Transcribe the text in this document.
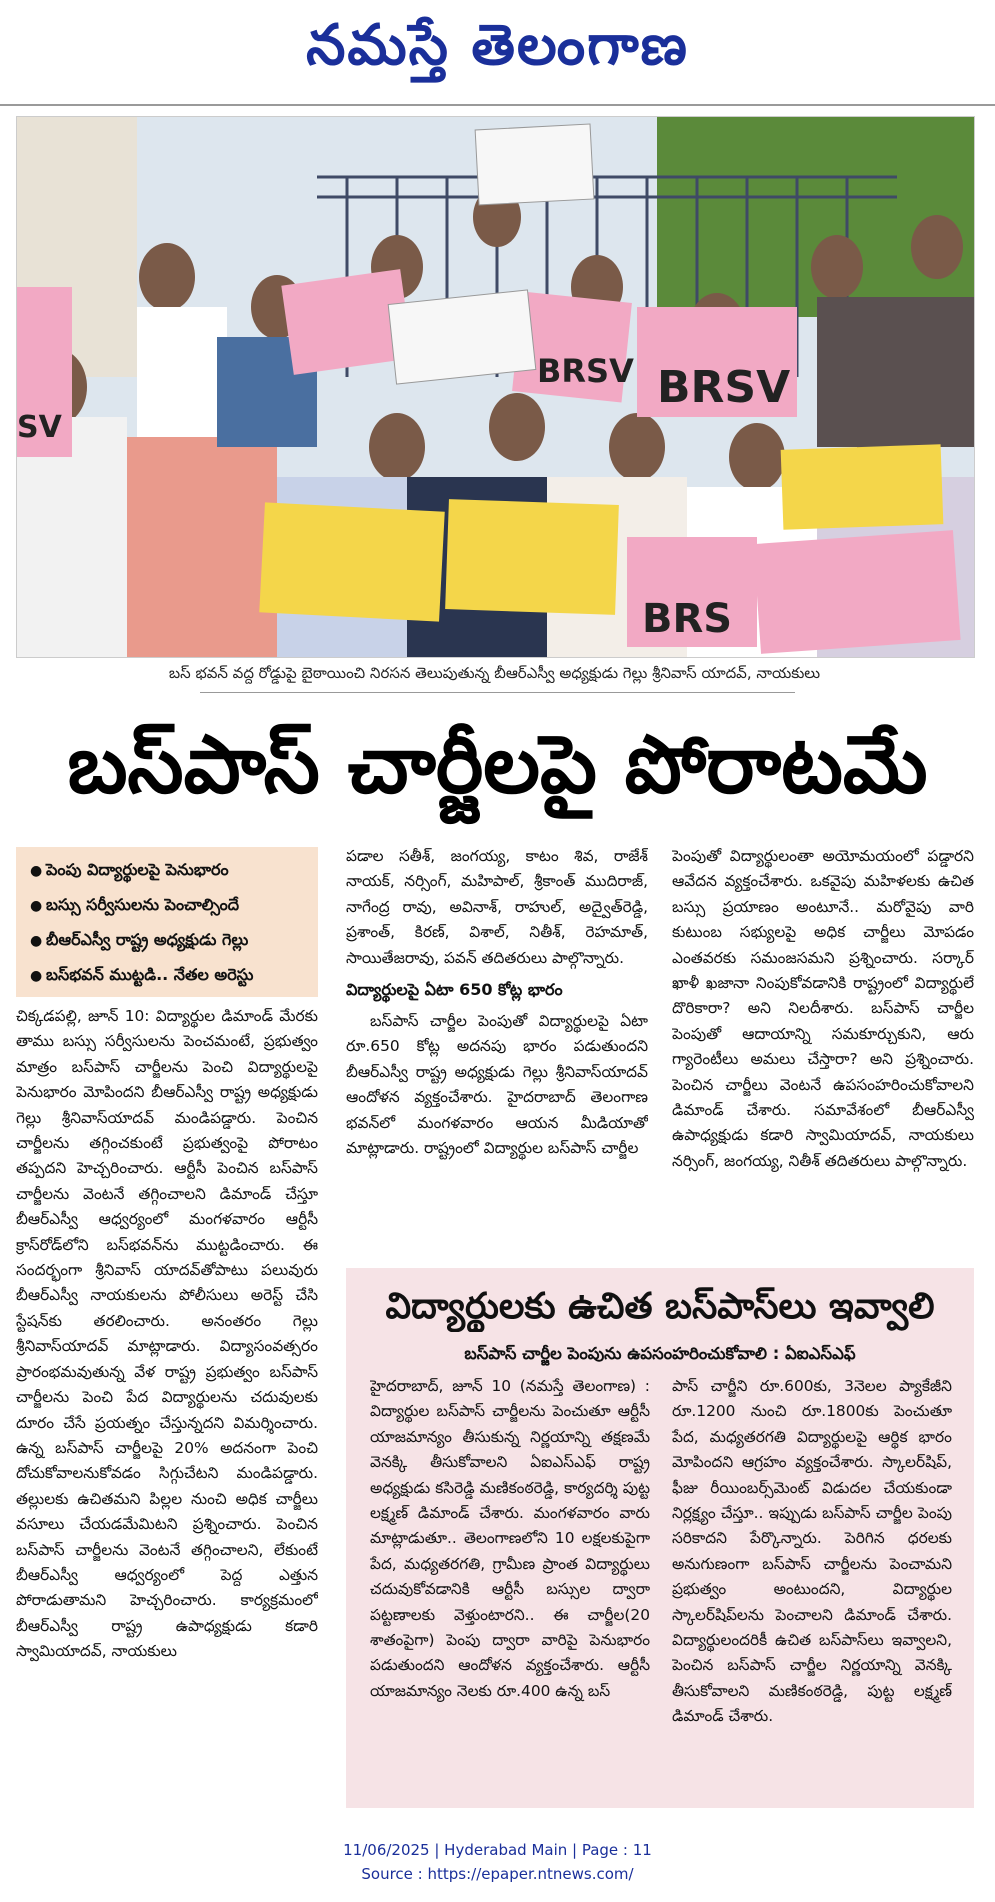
నమస్తే తెలంగాణ
SV
BRSV BRSV
BRS
బస్ భవన్ వద్ద రోడ్డుపై బైఠాయించి నిరసన తెలుపుతున్న బీఆర్ఎస్వీ అధ్యక్షుడు గెల్లు శ్రీనివాస్ యాదవ్, నాయకులు
బస్‌పాస్ చార్జీలపై పోరాటమే
● పెంపు విద్యార్థులపై పెనుభారం
● బస్సు సర్వీసులను పెంచాల్సిందే
● బీఆర్ఎస్వీ రాష్ట్ర అధ్యక్షుడు గెల్లు
● బస్‌భవన్ ముట్టడి.. నేతల అరెస్టు

చిక్కడపల్లి, జూన్ 10: విద్యార్థుల డిమాండ్ మేరకు తాము బస్సు సర్వీసులను పెంచమంటే, ప్రభుత్వం మాత్రం బస్‌పాస్ చార్జీలను పెంచి విద్యార్థులపై పెనుభారం మోపిందని బీఆర్ఎస్వీ రాష్ట్ర అధ్యక్షుడు గెల్లు శ్రీనివాస్‌యాదవ్ మండిపడ్డారు. పెంచిన చార్జీలను తగ్గించకుంటే ప్రభుత్వంపై పోరాటం తప్పదని హెచ్చరించారు. ఆర్టీసీ పెంచిన బస్‌పాస్ చార్జీలను వెంటనే తగ్గించాలని డిమాండ్ చేస్తూ బీఆర్ఎస్వీ ఆధ్వర్యంలో మంగళవారం ఆర్టీసీ క్రాస్‌రోడ్‌లోని బస్‌భవన్‌ను ముట్టడించారు. ఈ సందర్భంగా శ్రీనివాస్ యాదవ్‌తోపాటు పలువురు బీఆర్ఎస్వీ నాయకులను పోలీసులు అరెస్ట్ చేసి స్టేషన్‌కు తరలించారు. అనంతరం గెల్లు శ్రీనివాస్‌యాదవ్ మాట్లాడారు. విద్యాసంవత్సరం ప్రారంభమవుతున్న వేళ రాష్ట్ర ప్రభుత్వం బస్‌పాస్ చార్జీలను పెంచి పేద విద్యార్థులను చదువులకు దూరం చేసే ప్రయత్నం చేస్తున్నదని విమర్శించారు. ఉన్న బస్‌పాస్ చార్జీలపై 20% అదనంగా పెంచి దోచుకోవాలనుకోవడం సిగ్గుచేటని మండిపడ్డారు. తల్లులకు ఉచితమని పిల్లల నుంచి అధిక చార్జీలు వసూలు చేయడమేమిటని ప్రశ్నించారు. పెంచిన బస్‌పాస్ చార్జీలను వెంటనే తగ్గించాలని, లేకుంటే బీఆర్ఎస్వీ ఆధ్వర్యంలో పెద్ద ఎత్తున పోరాడుతామని హెచ్చరించారు. కార్యక్రమంలో బీఆర్ఎస్వీ రాష్ట్ర ఉపాధ్యక్షుడు కడారి స్వామియాదవ్, నాయకులు

పడాల సతీశ్, జంగయ్య, కాటం శివ, రాజేశ్ నాయక్, నర్సింగ్, మహిపాల్, శ్రీకాంత్ ముదిరాజ్, నాగేంద్ర రావు, అవినాశ్, రాహుల్, అద్వైత్‌రెడ్డి, ప్రశాంత్, కిరణ్, విశాల్, నితీశ్, రెహమాత్, సాయితేజరావు, పవన్ తదితరులు పాల్గొన్నారు.

విద్యార్థులపై ఏటా 650 కోట్ల భారం

బస్‌పాస్ చార్జీల పెంపుతో విద్యార్థులపై ఏటా రూ.650 కోట్ల అదనపు భారం పడుతుందని బీఆర్ఎస్వీ రాష్ట్ర అధ్యక్షుడు గెల్లు శ్రీనివాస్‌యాదవ్ ఆందోళన వ్యక్తంచేశారు. హైదరాబాద్ తెలంగాణ భవన్‌లో మంగళవారం ఆయన మీడియాతో మాట్లాడారు. రాష్ట్రంలో విద్యార్థుల బస్‌పాస్ చార్జీల

పెంపుతో విద్యార్థులంతా అయోమయంలో పడ్డారని ఆవేదన వ్యక్తంచేశారు. ఒకవైపు మహిళలకు ఉచిత బస్సు ప్రయాణం అంటూనే.. మరోవైపు వారి కుటుంబ సభ్యులపై అధిక చార్జీలు మోపడం ఎంతవరకు సమంజసమని ప్రశ్నించారు. సర్కార్ ఖాళీ ఖజానా నింపుకోవడానికి రాష్ట్రంలో విద్యార్థులే దొరికారా? అని నిలదీశారు. బస్‌పాస్ చార్జీల పెంపుతో ఆదాయాన్ని సమకూర్చుకుని, ఆరు గ్యారెంటీలు అమలు చేస్తారా? అని ప్రశ్నించారు. పెంచిన చార్జీలు వెంటనే ఉపసంహరించుకోవాలని డిమాండ్ చేశారు. సమావేశంలో బీఆర్ఎస్వీ ఉపాధ్యక్షుడు కడారి స్వామియాదవ్, నాయకులు నర్సింగ్, జంగయ్య, నితీశ్ తదితరులు పాల్గొన్నారు.

విద్యార్థులకు ఉచిత బస్‌పాస్‌లు ఇవ్వాలి
బస్‌పాస్ చార్జీల పెంపును ఉపసంహరించుకోవాలి : ఏఐఎస్ఎఫ్

హైదరాబాద్, జూన్ 10 (నమస్తే తెలంగాణ) : విద్యార్థుల బస్‌పాస్ చార్జీలను పెంచుతూ ఆర్టీసీ యాజమాన్యం తీసుకున్న నిర్ణయాన్ని తక్షణమే వెనక్కి తీసుకోవాలని ఏఐఎస్ఎఫ్ రాష్ట్ర అధ్యక్షుడు కసిరెడ్డి మణికంఠరెడ్డి, కార్యదర్శి పుట్ట లక్ష్మణ్ డిమాండ్ చేశారు. మంగళవారం వారు మాట్లాడుతూ.. తెలంగాణలోని 10 లక్షలకుపైగా పేద, మధ్యతరగతి, గ్రామీణ ప్రాంత విద్యార్థులు చదువుకోవడానికి ఆర్టీసీ బస్సుల ద్వారా పట్టణాలకు వెళ్తుంటారని.. ఈ చార్జీల(20 శాతంపైగా) పెంపు ద్వారా వారిపై పెనుభారం పడుతుందని ఆందోళన వ్యక్తంచేశారు. ఆర్టీసీ యాజమాన్యం నెలకు రూ.400 ఉన్న బస్

పాస్ చార్జీని రూ.600కు, 3నెలల ప్యాకేజీని రూ.1200 నుంచి రూ.1800కు పెంచుతూ పేద, మధ్యతరగతి విద్యార్థులపై ఆర్థిక భారం మోపిందని ఆగ్రహం వ్యక్తంచేశారు. స్కాలర్‌షిప్, ఫీజు రీయింబర్స్‌మెంట్ విడుదల చేయకుండా నిర్లక్ష్యం చేస్తూ.. ఇప్పుడు బస్‌పాస్ చార్జీల పెంపు సరికాదని పేర్కొన్నారు. పెరిగిన ధరలకు అనుగుణంగా బస్‌పాస్ చార్జీలను పెంచామని ప్రభుత్వం అంటుందని, విద్యార్థుల స్కాలర్‌షిప్‌లను పెంచాలని డిమాండ్ చేశారు. విద్యార్థులందరికీ ఉచిత బస్‌పాస్‌లు ఇవ్వాలని, పెంచిన బస్‌పాస్ చార్జీల నిర్ణయాన్ని వెనక్కి తీసుకోవాలని మణికంఠరెడ్డి, పుట్ట లక్ష్మణ్ డిమాండ్ చేశారు.

11/06/2025 | Hyderabad Main | Page : 11
Source : https://epaper.ntnews.com/
